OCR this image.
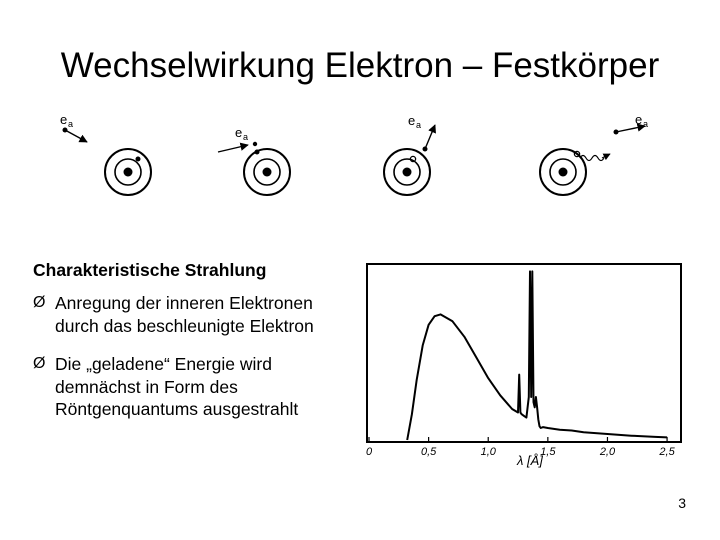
Wechselwirkung Elektron – Festkörper
e a
e a
e a	e a
Charakteristische Strahlung
Ø Anregung der inneren Elektronen durch das beschleunigte Elektron
Ø Die „geladene“ Energie wird demnächst in Form des Röntgenquantums ausgestrahlt
0	0,5	1,0	1,5	2,0	2,5
λ [Å]
3
